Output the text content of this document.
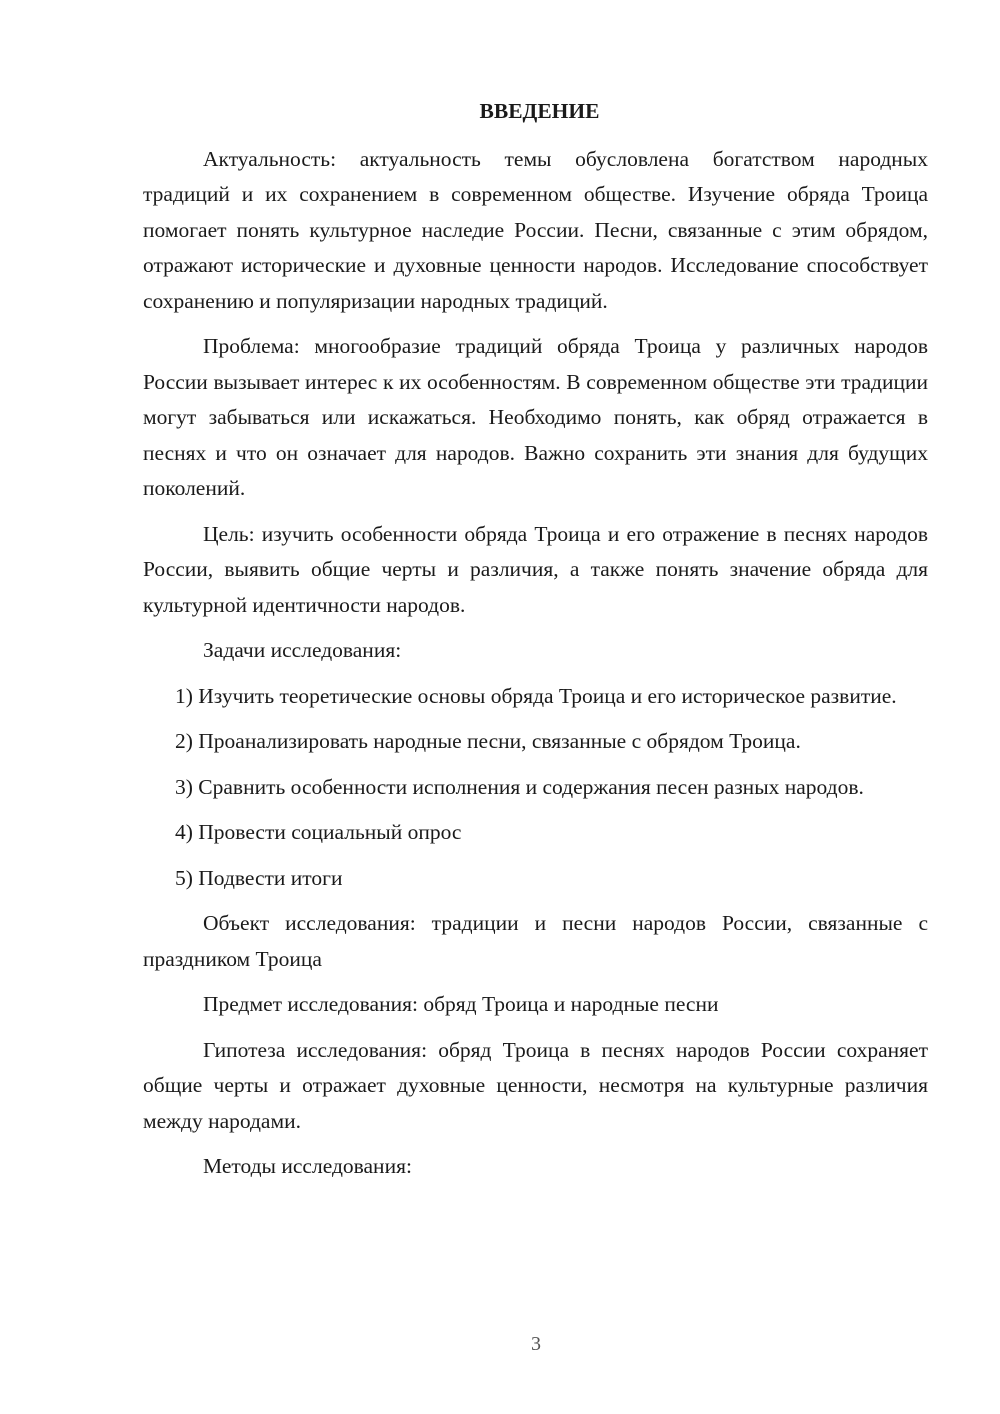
ВВЕДЕНИЕ

Актуальность: актуальность темы обусловлена богатством народных традиций и их сохранением в современном обществе. Изучение обряда Троица помогает понять культурное наследие России. Песни, связанные с этим обрядом, отражают исторические и духовные ценности народов. Исследование способствует сохранению и популяризации народных традиций.

Проблема: многообразие традиций обряда Троица у различных народов России вызывает интерес к их особенностям. В современном обществе эти традиции могут забываться или искажаться. Необходимо понять, как обряд отражается в песнях и что он означает для народов. Важно сохранить эти знания для будущих поколений.

Цель: изучить особенности обряда Троица и его отражение в песнях народов России, выявить общие черты и различия, а также понять значение обряда для культурной идентичности народов.

Задачи исследования:

1) Изучить теоретические основы обряда Троица и его историческое развитие.

2) Проанализировать народные песни, связанные с обрядом Троица.

3) Сравнить особенности исполнения и содержания песен разных народов.

4) Провести социальный опрос

5) Подвести итоги

Объект исследования: традиции и песни народов России, связанные с праздником Троица

Предмет исследования: обряд Троица и народные песни

Гипотеза исследования: обряд Троица в песнях народов России сохраняет общие черты и отражает духовные ценности, несмотря на культурные различия между народами.

Методы исследования:

3
